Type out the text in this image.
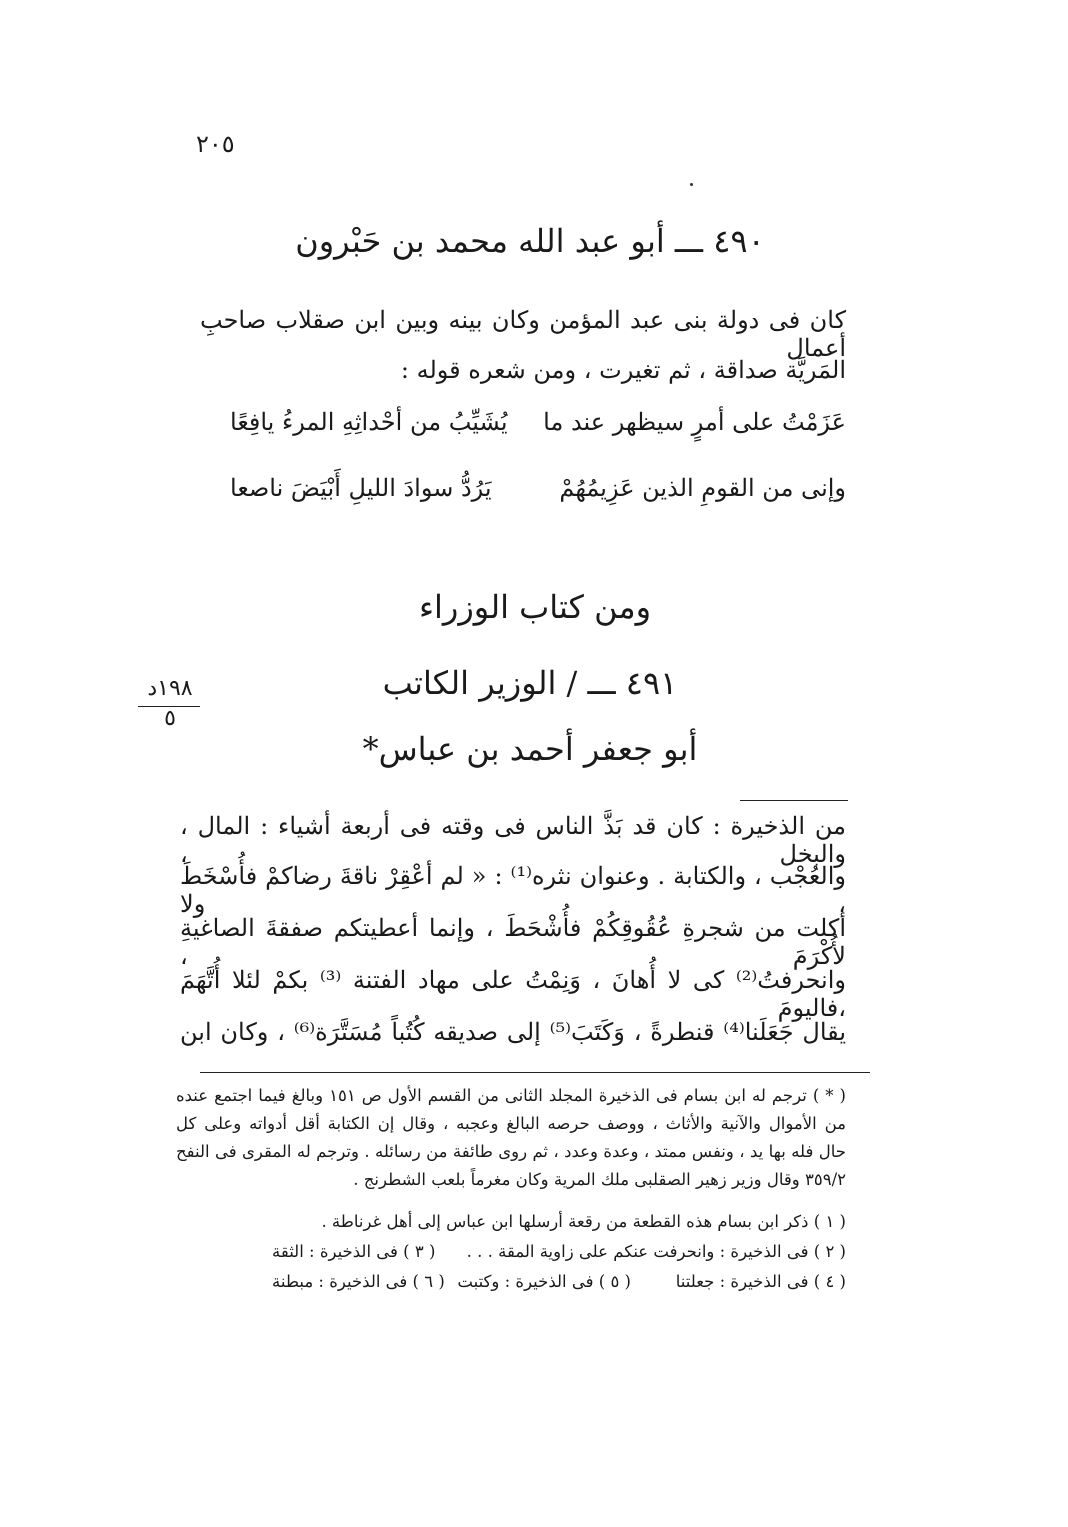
٢٠٥
٤٩٠ ـــ أبو عبد الله محمد بن حَبْرون
كان فى دولة بنى عبد المؤمن وكان بينه وبين ابن صقلاب صاحبِ أعمال
المَريَّة صداقة ، ثم تغيرت ، ومن شعره قوله :
عَزَمْتُ على أمرٍ سيظهر عند ما
يُشَيِّبُ من أحْداثِهِ المرءُ يافِعًا
وإنى من القومِ الذين عَزِيمُهُمْ
يَرُدُّ سوادَ الليلِ أَبْيَضَ ناصعا
ومن كتاب الوزراء
١٩٨د
٥
٤٩١ ـــ / الوزير الكاتب
أبو جعفر أحمد بن عباس*
من الذخيرة : كان قد بَذَّ الناس فى وقته فى أربعة أشياء : المال ، والبخل ،
والعُجْب ، والكتابة . وعنوان نثره⁽¹⁾ : « لم أعْقِرْ ناقةَ رضاكمْ فأُسْخَطَ ، ولا
أكلت من شجرةِ عُقُوقِكُمْ فأُشْحَطَ ، وإنما أعطيتكم صفقةَ الصاغيةِ لأُكْرَمَ ،
وانحرفتُ⁽²⁾ كى لا أُهانَ ، وَنِمْتُ على مهاد الفتنة ⁽³⁾ بكمْ لئلا أُتَّهَمَ ،فاليومَ
يقال جَعَلَنا⁽⁴⁾ قنطرةً ، وَكَتَبَ⁽⁵⁾ إلى صديقه كُتُباً مُسَتَّرَة⁽⁶⁾ ، وكان ابن
( * ) ترجم له ابن بسام فى الذخيرة المجلد الثانى من القسم الأول ص ١٥١ وبالغ فيما اجتمع عنده
من الأموال والآنية والأثاث ، ووصف حرصه البالغ وعجبه ، وقال إن الكتابة أقل أدواته وعلى كل
حال فله بها يد ، ونفس ممتد ، وعدة وعدد ، ثم روى طائفة من رسائله . وترجم له المقرى فى النفح
٣٥٩/٢ وقال وزير زهير الصقلبى ملك المرية وكان مغرماً بلعب الشطرنج .
( ١ ) ذكر ابن بسام هذه القطعة من رقعة أرسلها ابن عباس إلى أهل غرناطة .
( ٢ ) فى الذخيرة : وانحرفت عنكم على زاوية المقة . . .
( ٣ ) فى الذخيرة : الثقة
( ٤ ) فى الذخيرة : جعلتنا
( ٥ ) فى الذخيرة : وكتبت
( ٦ ) فى الذخيرة : مبطنة
